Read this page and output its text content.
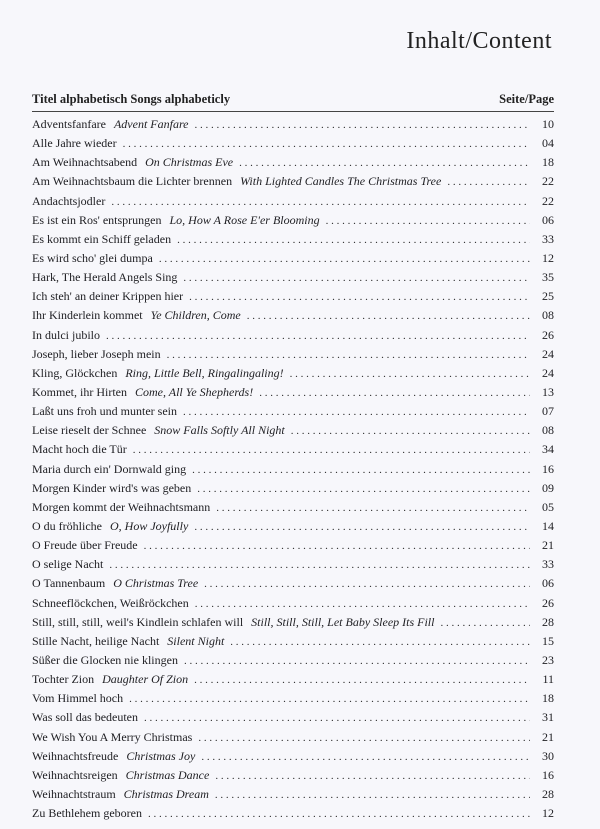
Inhalt/Content
Titel alphabetisch Songs alphabeticly	Seite/Page
Adventsfanfare Advent Fanfare . . .	10
Alle Jahre wieder . . .	04
Am Weihnachtsabend On Christmas Eve . . .	18
Am Weihnachtsbaum die Lichter brennen With Lighted Candles The Christmas Tree . . .	22
Andachtsjodler . . .	22
Es ist ein Ros' entsprungen Lo, How A Rose E'er Blooming . . .	06
Es kommt ein Schiff geladen . . .	33
Es wird scho' glei dumpa . . .	12
Hark, The Herald Angels Sing . . .	35
Ich steh' an deiner Krippen hier . . .	25
Ihr Kinderlein kommet Ye Children, Come . . .	08
In dulci jubilo . . .	26
Joseph, lieber Joseph mein . . .	24
Kling, Glöckchen Ring, Little Bell, Ringalingaling! . . .	24
Kommet, ihr Hirten Come, All Ye Shepherds! . . .	13
Laßt uns froh und munter sein . . .	07
Leise rieselt der Schnee Snow Falls Softly All Night . . .	08
Macht hoch die Tür . . .	34
Maria durch ein' Dornwald ging . . .	16
Morgen Kinder wird's was geben . . .	09
Morgen kommt der Weihnachtsmann . . .	05
O du fröhliche O, How Joyfully . . .	14
O Freude über Freude . . .	21
O selige Nacht . . .	33
O Tannenbaum O Christmas Tree . . .	06
Schneeflöckchen, Weißröckchen . . .	26
Still, still, still, weil's Kindlein schlafen will Still, Still, Still, Let Baby Sleep Its Fill . . .	28
Stille Nacht, heilige Nacht Silent Night . . .	15
Süßer die Glocken nie klingen . . .	23
Tochter Zion Daughter Of Zion . . .	11
Vom Himmel hoch . . .	18
Was soll das bedeuten . . .	31
We Wish You A Merry Christmas . . .	21
Weihnachtsfreude Christmas Joy . . .	30
Weihnachtsreigen Christmas Dance . . .	16
Weihnachtstraum Christmas Dream . . .	28
Zu Bethlehem geboren . . .	12
